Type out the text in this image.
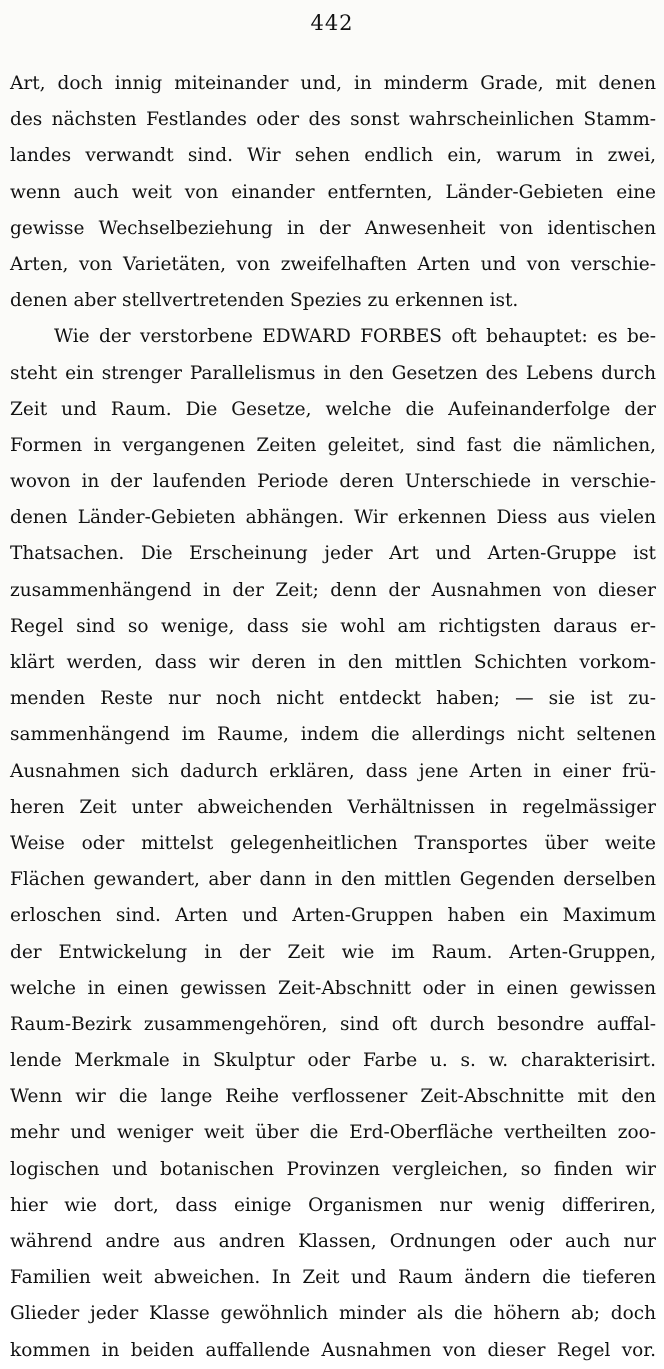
442
Art, doch innig miteinander und, in minderm Grade, mit denen
des nächsten Festlandes oder des sonst wahrscheinlichen Stamm-
landes verwandt sind. Wir sehen endlich ein, warum in zwei,
wenn auch weit von einander entfernten, Länder-Gebieten eine
gewisse Wechselbeziehung in der Anwesenheit von identischen
Arten, von Varietäten, von zweifelhaften Arten und von verschie-
denen aber stellvertretenden Spezies zu erkennen ist.
Wie der verstorbene EDWARD FORBES oft behauptet: es be-
steht ein strenger Parallelismus in den Gesetzen des Lebens durch
Zeit und Raum. Die Gesetze, welche die Aufeinanderfolge der
Formen in vergangenen Zeiten geleitet, sind fast die nämlichen,
wovon in der laufenden Periode deren Unterschiede in verschie-
denen Länder-Gebieten abhängen. Wir erkennen Diess aus vielen
Thatsachen. Die Erscheinung jeder Art und Arten-Gruppe ist
zusammenhängend in der Zeit; denn der Ausnahmen von dieser
Regel sind so wenige, dass sie wohl am richtigsten daraus er-
klärt werden, dass wir deren in den mittlen Schichten vorkom-
menden Reste nur noch nicht entdeckt haben; — sie ist zu-
sammenhängend im Raume, indem die allerdings nicht seltenen
Ausnahmen sich dadurch erklären, dass jene Arten in einer frü-
heren Zeit unter abweichenden Verhältnissen in regelmässiger
Weise oder mittelst gelegenheitlichen Transportes über weite
Flächen gewandert, aber dann in den mittlen Gegenden derselben
erloschen sind. Arten und Arten-Gruppen haben ein Maximum
der Entwickelung in der Zeit wie im Raum. Arten-Gruppen,
welche in einen gewissen Zeit-Abschnitt oder in einen gewissen
Raum-Bezirk zusammengehören, sind oft durch besondre auffal-
lende Merkmale in Skulptur oder Farbe u. s. w. charakterisirt.
Wenn wir die lange Reihe verflossener Zeit-Abschnitte mit den
mehr und weniger weit über die Erd-Oberfläche vertheilten zoo-
logischen und botanischen Provinzen vergleichen, so finden wir
hier wie dort, dass einige Organismen nur wenig differiren,
während andre aus andren Klassen, Ordnungen oder auch nur
Familien weit abweichen. In Zeit und Raum ändern die tieferen
Glieder jeder Klasse gewöhnlich minder als die höhern ab; doch
kommen in beiden auffallende Ausnahmen von dieser Regel vor.
